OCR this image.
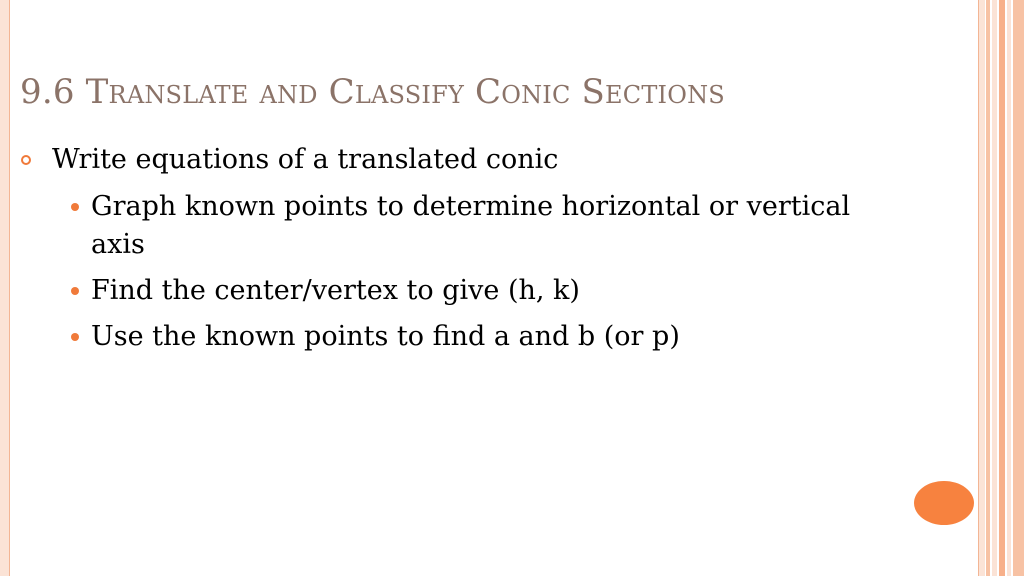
9.6 Translate and Classify Conic Sections
Write equations of a translated conic
Graph known points to determine horizontal or vertical axis
Find the center/vertex to give (h, k)
Use the known points to find a and b (or p)
